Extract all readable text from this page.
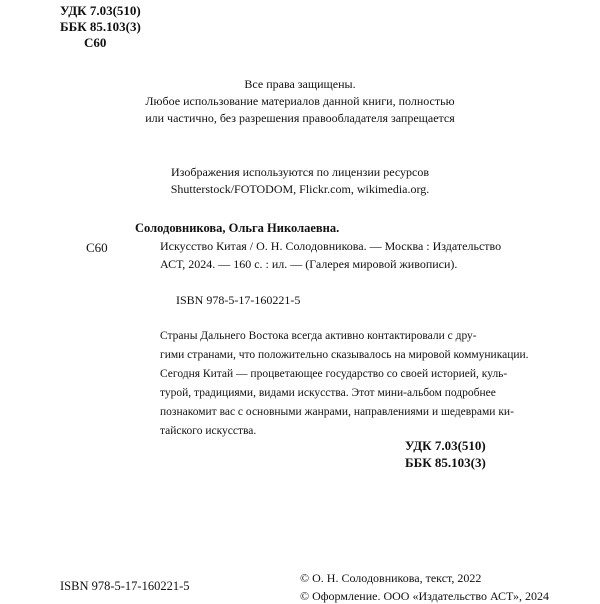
УДК 7.03(510)
ББК 85.103(3)
С60
Все права защищены.
Любое использование материалов данной книги, полностью
или частично, без разрешения правообладателя запрещается
Изображения используются по лицензии ресурсов
Shutterstock/FOTODOM, Flickr.com, wikimedia.org.
Солодовникова, Ольга Николаевна.
С60	Искусство Китая / О. Н. Солодовникова. — Москва : Издательство
АСТ, 2024. — 160 с. : ил. — (Галерея мировой живописи).
ISBN 978-5-17-160221-5
Страны Дальнего Востока всегда активно контактировали с дру-
гими странами, что положительно сказывалось на мировой коммуникации.
Сегодня Китай — процветающее государство со своей историей, куль-
турой, традициями, видами искусства. Этот мини-альбом подробнее
познакомит вас с основными жанрами, направлениями и шедеврами ки-
тайского искусства.
УДК 7.03(510)
ББК 85.103(3)
ISBN 978-5-17-160221-5
© О. Н. Солодовникова, текст, 2022
© Оформление. ООО «Издательство АСТ», 2024
